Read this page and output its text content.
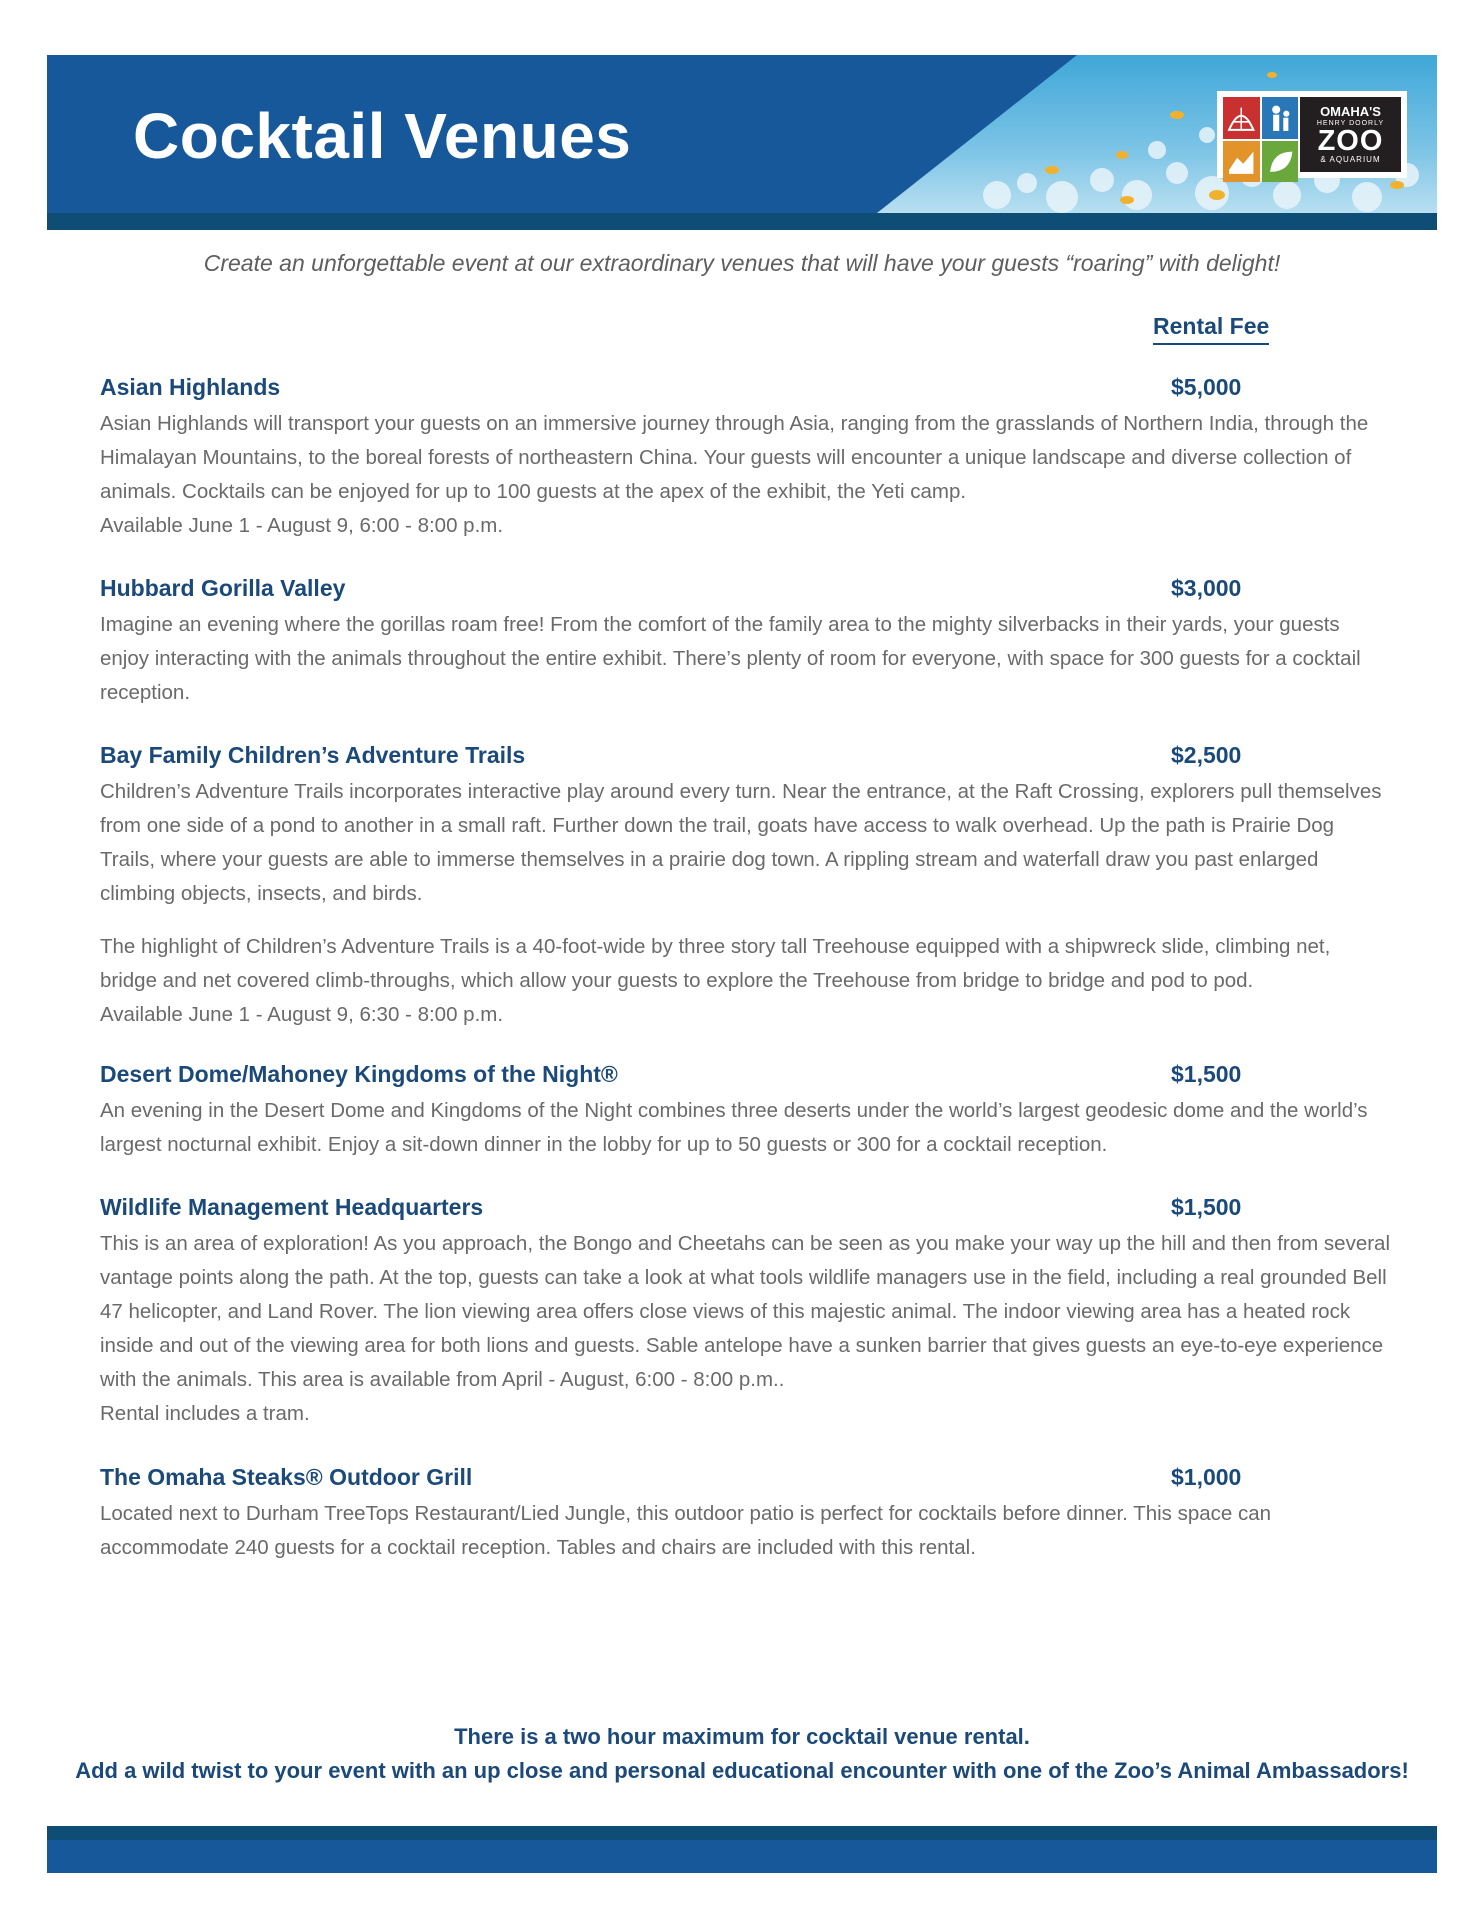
Cocktail Venues	OMAHA'S
HENRY DOORLY
ZOO
& AQUARIUM

Create an unforgettable event at our extraordinary venues that will have your guests “roaring” with delight!

Rental Fee
Asian Highlands	$5,000

Asian Highlands will transport your guests on an immersive journey through Asia, ranging from the grasslands of Northern India, through the Himalayan Mountains, to the boreal forests of northeastern China. Your guests will encounter a unique landscape and diverse collection of animals. Cocktails can be enjoyed for up to 100 guests at the apex of the exhibit, the Yeti camp.
Available June 1 - August 9, 6:00 - 8:00 p.m.

Hubbard Gorilla Valley	$3,000

Imagine an evening where the gorillas roam free! From the comfort of the family area to the mighty silverbacks in their yards, your guests enjoy interacting with the animals throughout the entire exhibit. There’s plenty of room for everyone, with space for 300 guests for a cocktail reception.

Bay Family Children’s Adventure Trails	$2,500

Children’s Adventure Trails incorporates interactive play around every turn. Near the entrance, at the Raft Crossing, explorers pull themselves from one side of a pond to another in a small raft. Further down the trail, goats have access to walk overhead. Up the path is Prairie Dog Trails, where your guests are able to immerse themselves in a prairie dog town. A rippling stream and waterfall draw you past enlarged climbing objects, insects, and birds.

The highlight of Children’s Adventure Trails is a 40-foot-wide by three story tall Treehouse equipped with a shipwreck slide, climbing net, bridge and net covered climb-throughs, which allow your guests to explore the Treehouse from bridge to bridge and pod to pod.
Available June 1 - August 9, 6:30 - 8:00 p.m.

Desert Dome/Mahoney Kingdoms of the Night®	$1,500

An evening in the Desert Dome and Kingdoms of the Night combines three deserts under the world’s largest geodesic dome and the world’s largest nocturnal exhibit. Enjoy a sit-down dinner in the lobby for up to 50 guests or 300 for a cocktail reception.

Wildlife Management Headquarters	$1,500

This is an area of exploration! As you approach, the Bongo and Cheetahs can be seen as you make your way up the hill and then from several vantage points along the path. At the top, guests can take a look at what tools wildlife managers use in the field, including a real grounded Bell 47 helicopter, and Land Rover. The lion viewing area offers close views of this majestic animal. The indoor viewing area has a heated rock inside and out of the viewing area for both lions and guests. Sable antelope have a sunken barrier that gives guests an eye-to-eye experience with the animals. This area is available from April - August, 6:00 - 8:00 p.m..
Rental includes a tram.

The Omaha Steaks® Outdoor Grill	$1,000

Located next to Durham TreeTops Restaurant/Lied Jungle, this outdoor patio is perfect for cocktails before dinner. This space can accommodate 240 guests for a cocktail reception. Tables and chairs are included with this rental.

There is a two hour maximum for cocktail venue rental.
Add a wild twist to your event with an up close and personal educational encounter with one of the Zoo’s Animal Ambassadors!
